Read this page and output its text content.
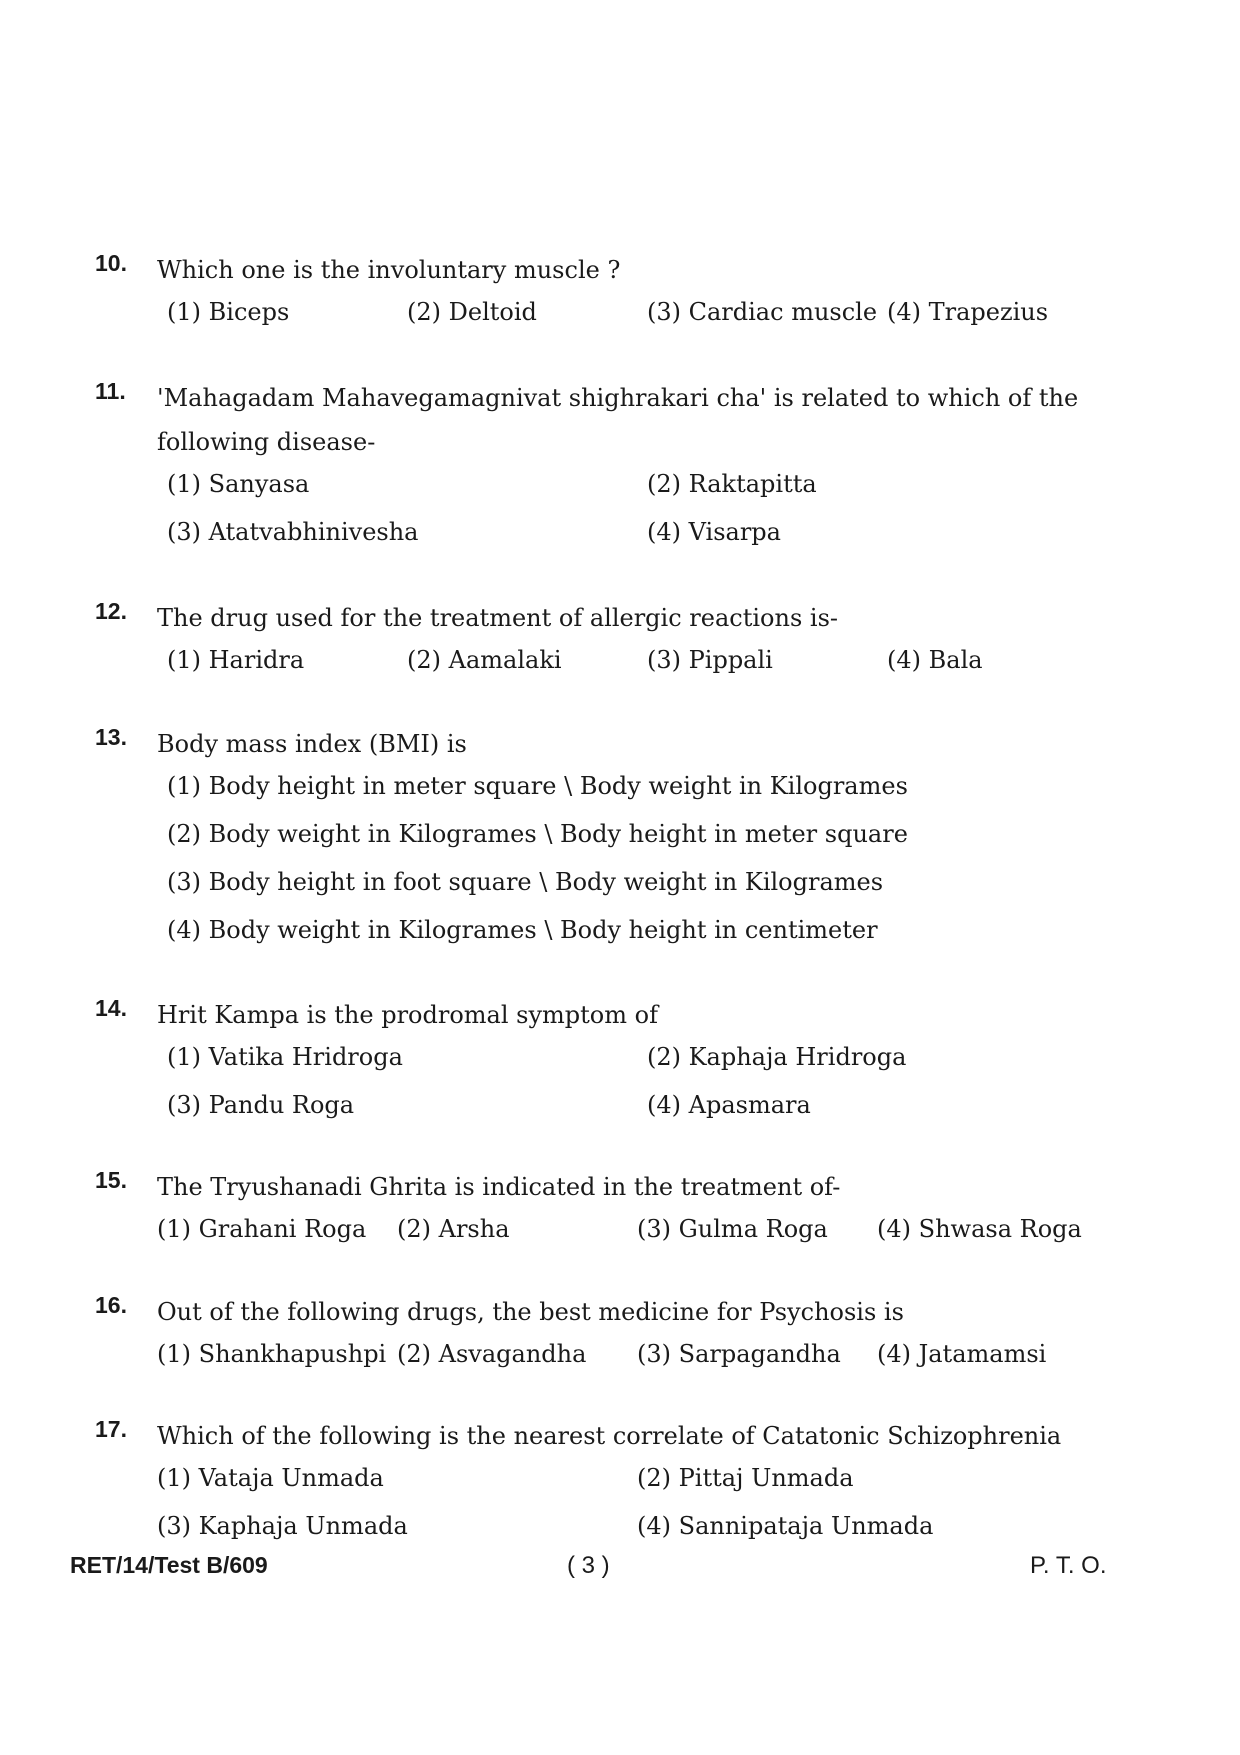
10. Which one is the involuntary muscle ?
(1) Biceps	(2) Deltoid	(3) Cardiac muscle (4) Trapezius
11. 'Mahagadam Mahavegamagnivat shighrakari cha' is related to which of the following disease-
(1) Sanyasa	(2) Raktapitta
(3) Atatvabhinivesha	(4) Visarpa
12. The drug used for the treatment of allergic reactions is-
(1) Haridra	(2) Aamalaki	(3) Pippali	(4) Bala
13. Body mass index (BMI) is
(1) Body height in meter square \ Body weight in Kilogrames
(2) Body weight in Kilogrames \ Body height in meter square
(3) Body height in foot square \ Body weight in Kilogrames
(4) Body weight in Kilogrames \ Body height in centimeter
14. Hrit Kampa is the prodromal symptom of
(1) Vatika Hridroga	(2) Kaphaja Hridroga
(3) Pandu Roga	(4) Apasmara
15. The Tryushanadi Ghrita is indicated in the treatment of-
(1) Grahani Roga (2) Arsha	(3) Gulma Roga (4) Shwasa Roga
16. Out of the following drugs, the best medicine for Psychosis is
(1) Shankhapushpi (2) Asvagandha (3) Sarpagandha (4) Jatamamsi
17. Which of the following is the nearest correlate of Catatonic Schizophrenia
(1) Vataja Unmada	(2) Pittaj Unmada
(3) Kaphaja Unmada	(4) Sannipataja Unmada
RET/14/Test B/609	( 3 )	P. T. O.
